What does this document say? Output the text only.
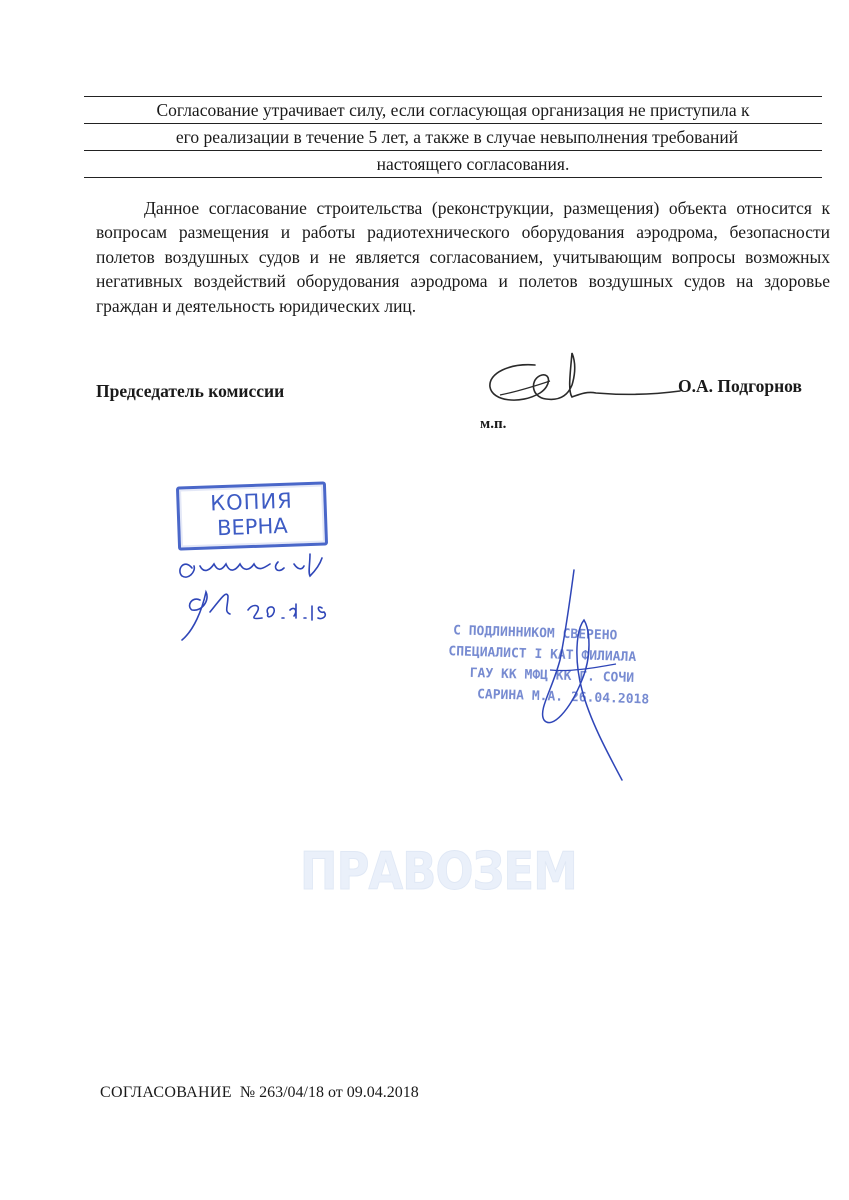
Согласование утрачивает силу, если согласующая организация не приступила к
его реализации в течение 5 лет, а также в случае невыполнения требований
настоящего согласования.
Данное согласование строительства (реконструкции, размещения) объекта относится к вопросам размещения и работы радиотехнического оборудования аэродрома, безопасности полетов воздушных судов и не является согласованием, учитывающим вопросы возможных негативных воздействий оборудования аэродрома и полетов воздушных судов на здоровье граждан и деятельность юридических лиц.
Председатель комиссии	О.А. Подгорнов
м.п.
КОПИЯ
ВЕРНА
С ПОДЛИННИКОМ СВЕРЕНО
СПЕЦИАЛИСТ I КАТ ФИЛИАЛА
ГАУ КК МФЦ КК Г. СОЧИ
САРИНА М.А. 26.04.2018
ПРАВОЗЕМ
СОГЛАСОВАНИЕ № 263/04/18 от 09.04.2018
